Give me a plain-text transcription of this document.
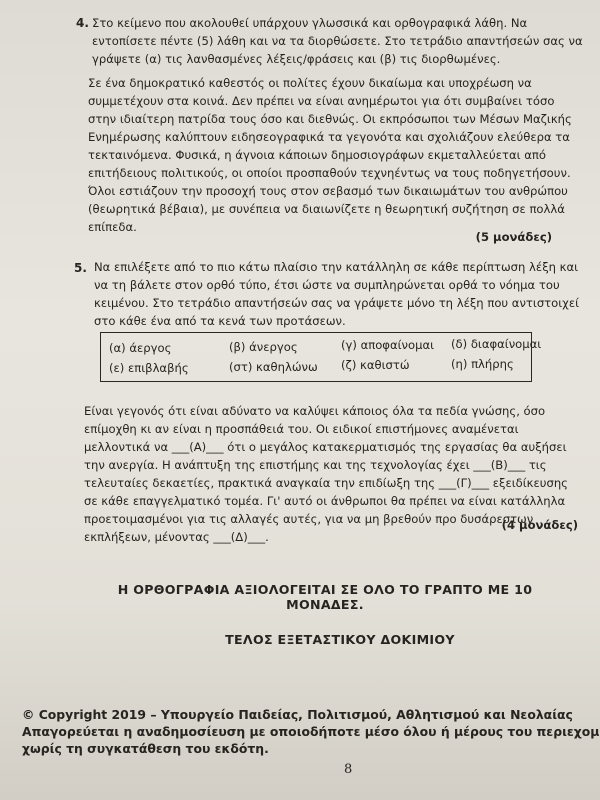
4. Στο κείμενο που ακολουθεί υπάρχουν γλωσσικά και ορθογραφικά λάθη. Να
εντοπίσετε πέντε (5) λάθη και να τα διορθώσετε. Στο τετράδιο απαντήσεών σας να
γράψετε (α) τις λανθασμένες λέξεις/φράσεις και (β) τις διορθωμένες.
Σε ένα δημοκρατικό καθεστός οι πολίτες έχουν δικαίωμα και υποχρέωση να
συμμετέχουν στα κοινά. Δεν πρέπει να είναι ανημέρωτοι για ότι συμβαίνει τόσο
στην ιδιαίτερη πατρίδα τους όσο και διεθνώς. Οι εκπρόσωποι των Μέσων Μαζικής
Ενημέρωσης καλύπτουν ειδησεογραφικά τα γεγονότα και σχολιάζουν ελεύθερα τα
τεκταινόμενα. Φυσικά, η άγνοια κάποιων δημοσιογράφων εκμεταλλεύεται από
επιτήδειους πολιτικούς, οι οποίοι προσπαθούν τεχνηέντως να τους ποδηγετήσουν.
Όλοι εστιάζουν την προσοχή τους στον σεβασμό των δικαιωμάτων του ανθρώπου
(θεωρητικά βέβαια), με συνέπεια να διαιωνίζετε η θεωρητική συζήτηση σε πολλά
επίπεδα.
(5 μονάδες)
5. Να επιλέξετε από το πιο κάτω πλαίσιο την κατάλληλη σε κάθε περίπτωση λέξη και
να τη βάλετε στον ορθό τύπο, έτσι ώστε να συμπληρώνεται ορθά το νόημα του
κειμένου. Στο τετράδιο απαντήσεών σας να γράψετε μόνο τη λέξη που αντιστοιχεί
στο κάθε ένα από τα κενά των προτάσεων.
(α) άεργος	(β) άνεργος	(γ) αποφαίνομαι (δ) διαφαίνομαι
(ε) επιβλαβής	(στ) καθηλώνω (ζ) καθιστώ	(η) πλήρης
Είναι γεγονός ότι είναι αδύνατο να καλύψει κάποιος όλα τα πεδία γνώσης, όσο
επίμοχθη κι αν είναι η προσπάθειά του. Οι ειδικοί επιστήμονες αναμένεται
μελλοντικά να ___(Α)___ ότι ο μεγάλος κατακερματισμός της εργασίας θα αυξήσει
την ανεργία. Η ανάπτυξη της επιστήμης και της τεχνολογίας έχει ___(Β)___ τις
τελευταίες δεκαετίες, πρακτικά αναγκαία την επιδίωξη της ___(Γ)___ εξειδίκευσης
σε κάθε επαγγελματικό τομέα. Γι' αυτό οι άνθρωποι θα πρέπει να είναι κατάλληλα
προετοιμασμένοι για τις αλλαγές αυτές, για να μη βρεθούν προ δυσάρεστων
εκπλήξεων, μένοντας ___(Δ)___.
(4 μονάδες)
Η ΟΡΘΟΓΡΑΦΙΑ ΑΞΙΟΛΟΓΕΙΤΑΙ ΣΕ ΟΛΟ ΤΟ ΓΡΑΠΤΟ ΜΕ 10 ΜΟΝΑΔΕΣ.
ΤΕΛΟΣ ΕΞΕΤΑΣΤΙΚΟΥ ΔΟΚΙΜΙΟΥ
© Copyright 2019 – Υπουργείο Παιδείας, Πολιτισμού, Αθλητισμού και Νεολαίας
Απαγορεύεται η αναδημοσίευση με οποιοδήποτε μέσο όλου ή μέρους του περιεχομ
χωρίς τη συγκατάθεση του εκδότη.
8
